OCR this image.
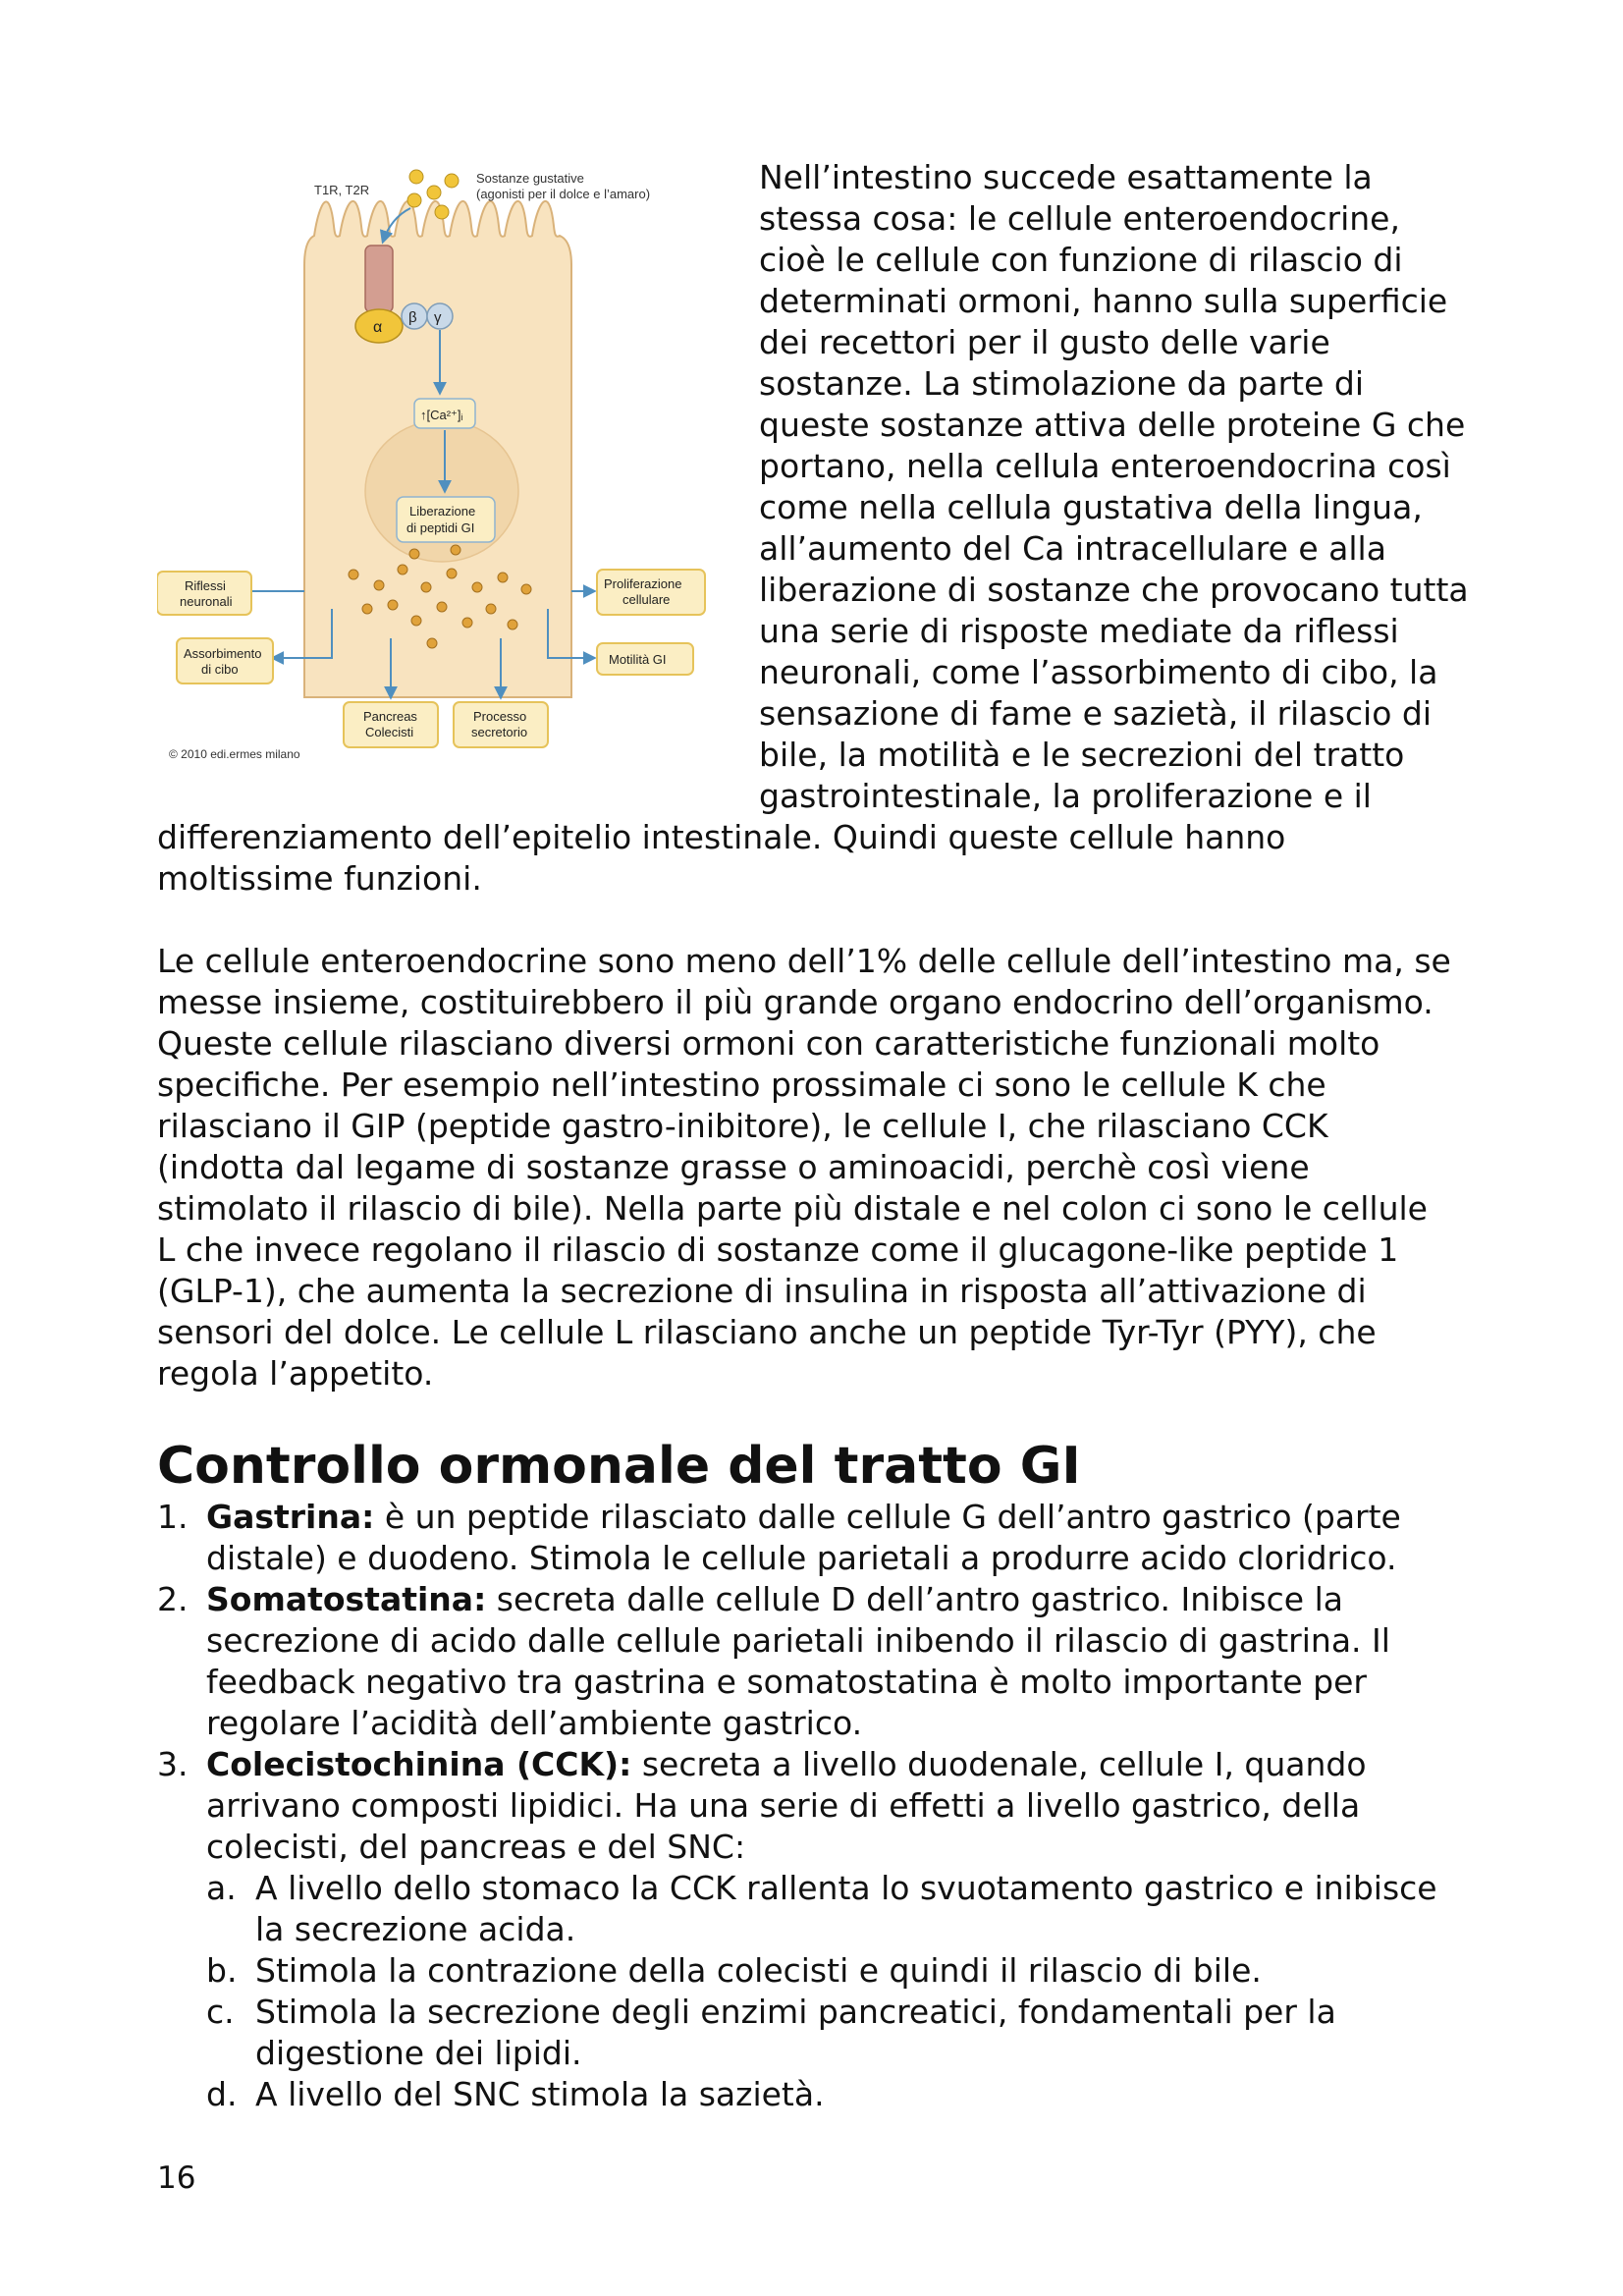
T1R, T2R
Sostanze gustative
(agonisti per il dolce e l’amaro)
α
β γ
↑[Ca²⁺]ᵢ
Liberazione
di peptidi GI
Riflessi
neuronali
Assorbimento
di cibo
Pancreas
Colecisti
Processo
secretorio
Motilità GI
Proliferazione
cellulare
© 2010 edi.ermes milano

Nell’intestino succede esattamente la

stessa cosa: le cellule enteroendocrine,

cioè le cellule con funzione di rilascio di

determinati ormoni, hanno sulla superficie

dei recettori per il gusto delle varie

sostanze. La stimolazione da parte di

queste sostanze attiva delle proteine G che

portano, nella cellula enteroendocrina così

come nella cellula gustativa della lingua,

all’aumento del Ca intracellulare e alla

liberazione di sostanze che provocano tutta

una serie di risposte mediate da riflessi

neuronali, come l’assorbimento di cibo, la

sensazione di fame e sazietà, il rilascio di

bile, la motilità e le secrezioni del tratto

gastrointestinale, la proliferazione e il

differenziamento dell’epitelio intestinale. Quindi queste cellule hanno

moltissime funzioni.

Le cellule enteroendocrine sono meno dell’1% delle cellule dell’intestino ma, se

messe insieme, costituirebbero il più grande organo endocrino dell’organismo.

Queste cellule rilasciano diversi ormoni con caratteristiche funzionali molto

specifiche. Per esempio nell’intestino prossimale ci sono le cellule K che

rilasciano il GIP (peptide gastro-inibitore), le cellule I, che rilasciano CCK

(indotta dal legame di sostanze grasse o aminoacidi, perchè così viene

stimolato il rilascio di bile). Nella parte più distale e nel colon ci sono le cellule

L che invece regolano il rilascio di sostanze come il glucagone-like peptide 1

(GLP-1), che aumenta la secrezione di insulina in risposta all’attivazione di

sensori del dolce. Le cellule L rilasciano anche un peptide Tyr-Tyr (PYY), che

regola l’appetito.

Controllo ormonale del tratto GI
1. Gastrina: è un peptide rilasciato dalle cellule G dell’antro gastrico (parte

distale) e duodeno. Stimola le cellule parietali a produrre acido cloridrico.

2. Somatostatina: secreta dalle cellule D dell’antro gastrico. Inibisce la

secrezione di acido dalle cellule parietali inibendo il rilascio di gastrina. Il

feedback negativo tra gastrina e somatostatina è molto importante per

regolare l’acidità dell’ambiente gastrico.

3. Colecistochinina (CCK): secreta a livello duodenale, cellule I, quando

arrivano composti lipidici. Ha una serie di effetti a livello gastrico, della

colecisti, del pancreas e del SNC:

a. A livello dello stomaco la CCK rallenta lo svuotamento gastrico e inibisce

la secrezione acida.

b. Stimola la contrazione della colecisti e quindi il rilascio di bile.

c. Stimola la secrezione degli enzimi pancreatici, fondamentali per la

digestione dei lipidi.

d. A livello del SNC stimola la sazietà.

16
